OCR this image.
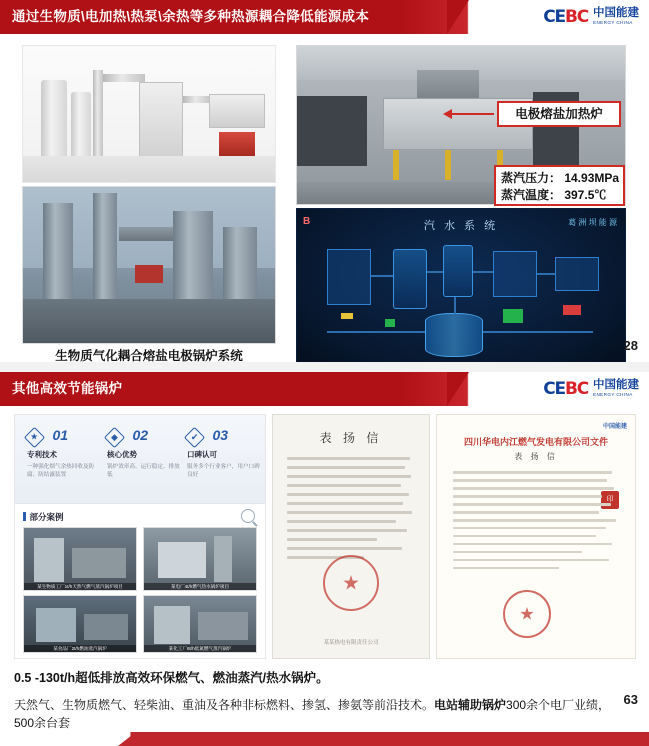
通过生物质\电加热\热泵\余热等多种热源耦合降低能源成本	CEBC 中国能建
ENERGY CHINA
生物质气化耦合熔盐电极锅炉系统
电极熔盐加热炉
蒸汽压力： 14.93MPa
蒸汽温度： 397.5℃
B	汽 水 系 统	葛 洲 坝 能 源
28
其他高效节能锅炉	CEBC 中国能建
ENERGY CHINA
★ 01
专利技术
一种强化烟气余热回收及防腐、防结露装置
◆ 02
核心优势
锅炉效率高、运行稳定、排放低
✔ 03
口碑认可
服务多个行业客户，用户口碑良好
部分案例
某生物质工厂1t/h天然气燃气蒸汽锅炉项目	某电厂4t/h燃气热水锅炉项目
某食品厂2t/h燃油蒸汽锅炉	某化工厂6t/h低氮燃气蒸汽锅炉
表 扬 信
某某热电有限责任公司
中国能建
四川华电内江燃气发电有限公司文件
表 扬 信
印
0.5 -130t/h超低排放高效环保燃气、燃油蒸汽/热水锅炉。
天然气、生物质燃气、轻柴油、重油及各种非标燃料、掺氢、掺氨等前沿技术。电站辅助锅炉300余个电厂业绩，500余台套
63
